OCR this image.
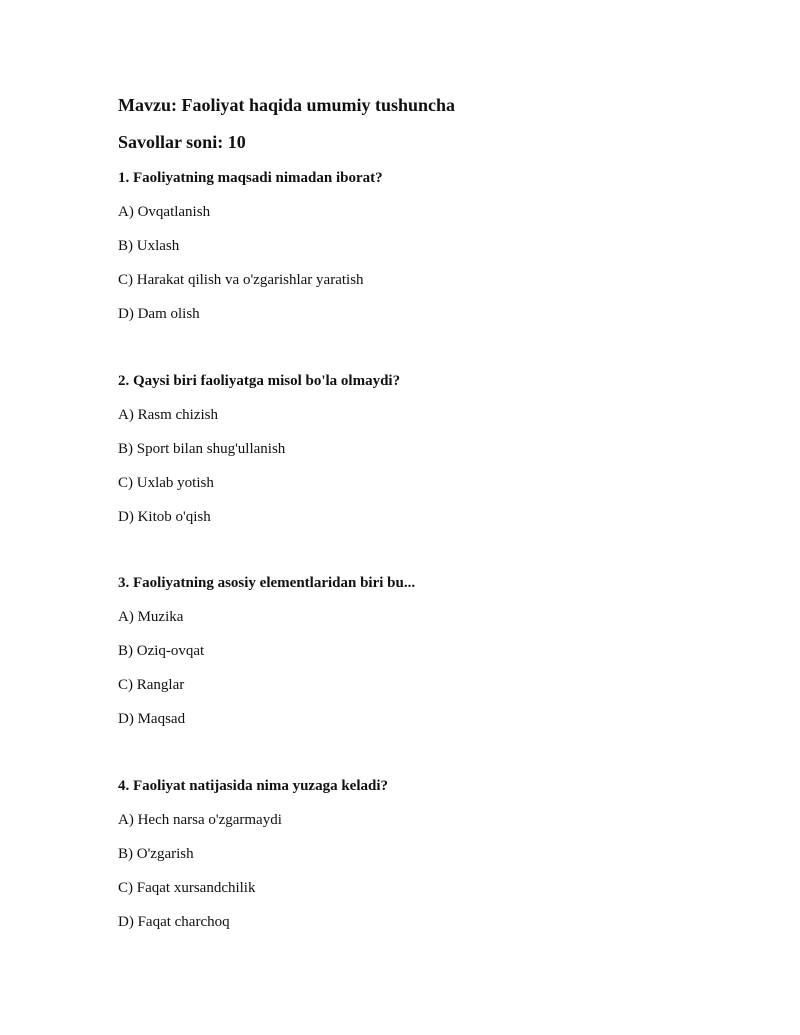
Mavzu: Faoliyat haqida umumiy tushuncha
Savollar soni: 10

1. Faoliyatning maqsadi nimadan iborat?

A) Ovqatlanish

B) Uxlash

C) Harakat qilish va o'zgarishlar yaratish

D) Dam olish

2. Qaysi biri faoliyatga misol bo'la olmaydi?

A) Rasm chizish

B) Sport bilan shug'ullanish

C) Uxlab yotish

D) Kitob o'qish

3. Faoliyatning asosiy elementlaridan biri bu...

A) Muzika

B) Oziq-ovqat

C) Ranglar

D) Maqsad

4. Faoliyat natijasida nima yuzaga keladi?

A) Hech narsa o'zgarmaydi

B) O'zgarish

C) Faqat xursandchilik

D) Faqat charchoq
